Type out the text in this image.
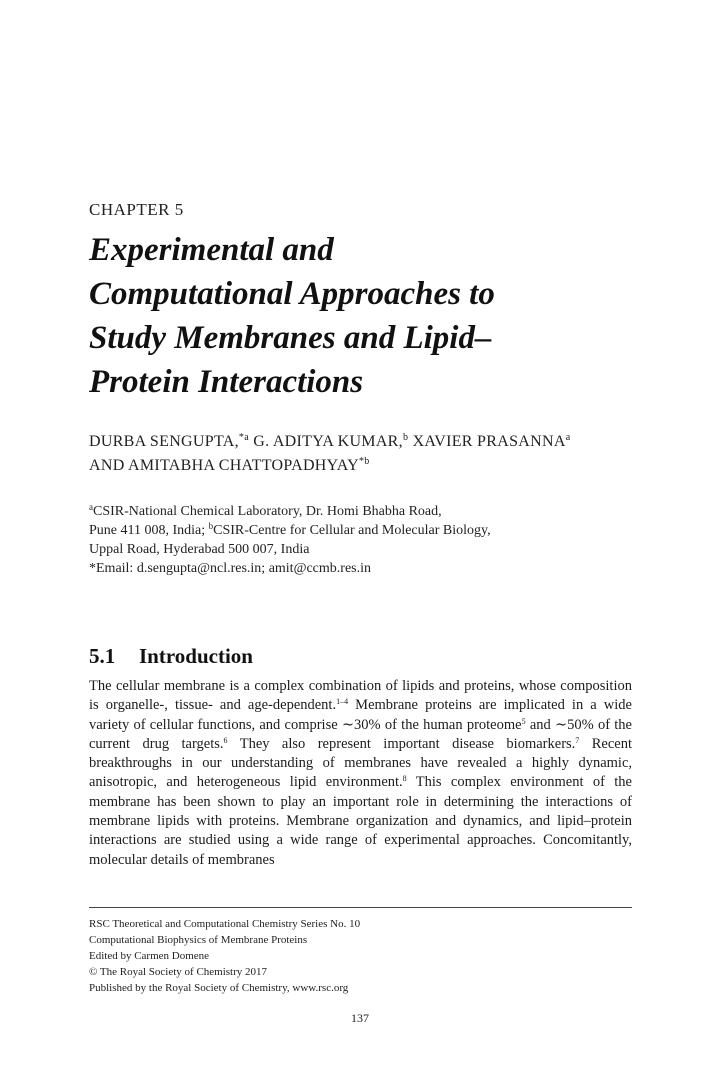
CHAPTER 5
Experimental and
Computational Approaches to
Study Membranes and Lipid–
Protein Interactions
DURBA SENGUPTA,$^{*a}$ G. ADITYA KUMAR,$^b$ XAVIER PRASANNA$^a$
AND AMITABHA CHATTOPADHYAY$^{*b}$
$^a$CSIR-National Chemical Laboratory, Dr. Homi Bhabha Road,
Pune 411 008, India; $^b$CSIR-Centre for Cellular and Molecular Biology,
Uppal Road, Hyderabad 500 007, India
*Email: d.sengupta@ncl.res.in; amit@ccmb.res.in
5.1 Introduction

The cellular membrane is a complex combination of lipids and proteins, whose composition is organelle-, tissue- and age-dependent.$^{1-4}$ Membrane proteins are implicated in a wide variety of cellular functions, and comprise ∼30% of the human proteome$^5$ and ∼50% of the current drug targets.$^6$ They also represent important disease biomarkers.$^7$ Recent breakthroughs in our understanding of membranes have revealed a highly dynamic, anisotropic, and heterogeneous lipid environment.$^8$ This complex environment of the membrane has been shown to play an important role in determining the interactions of membrane lipids with proteins. Membrane organization and dynamics, and lipid–protein interactions are studied using a wide range of experimental approaches. Concomitantly, molecular details of membranes

RSC Theoretical and Computational Chemistry Series No. 10
Computational Biophysics of Membrane Proteins
Edited by Carmen Domene
© The Royal Society of Chemistry 2017
Published by the Royal Society of Chemistry, www.rsc.org
137
